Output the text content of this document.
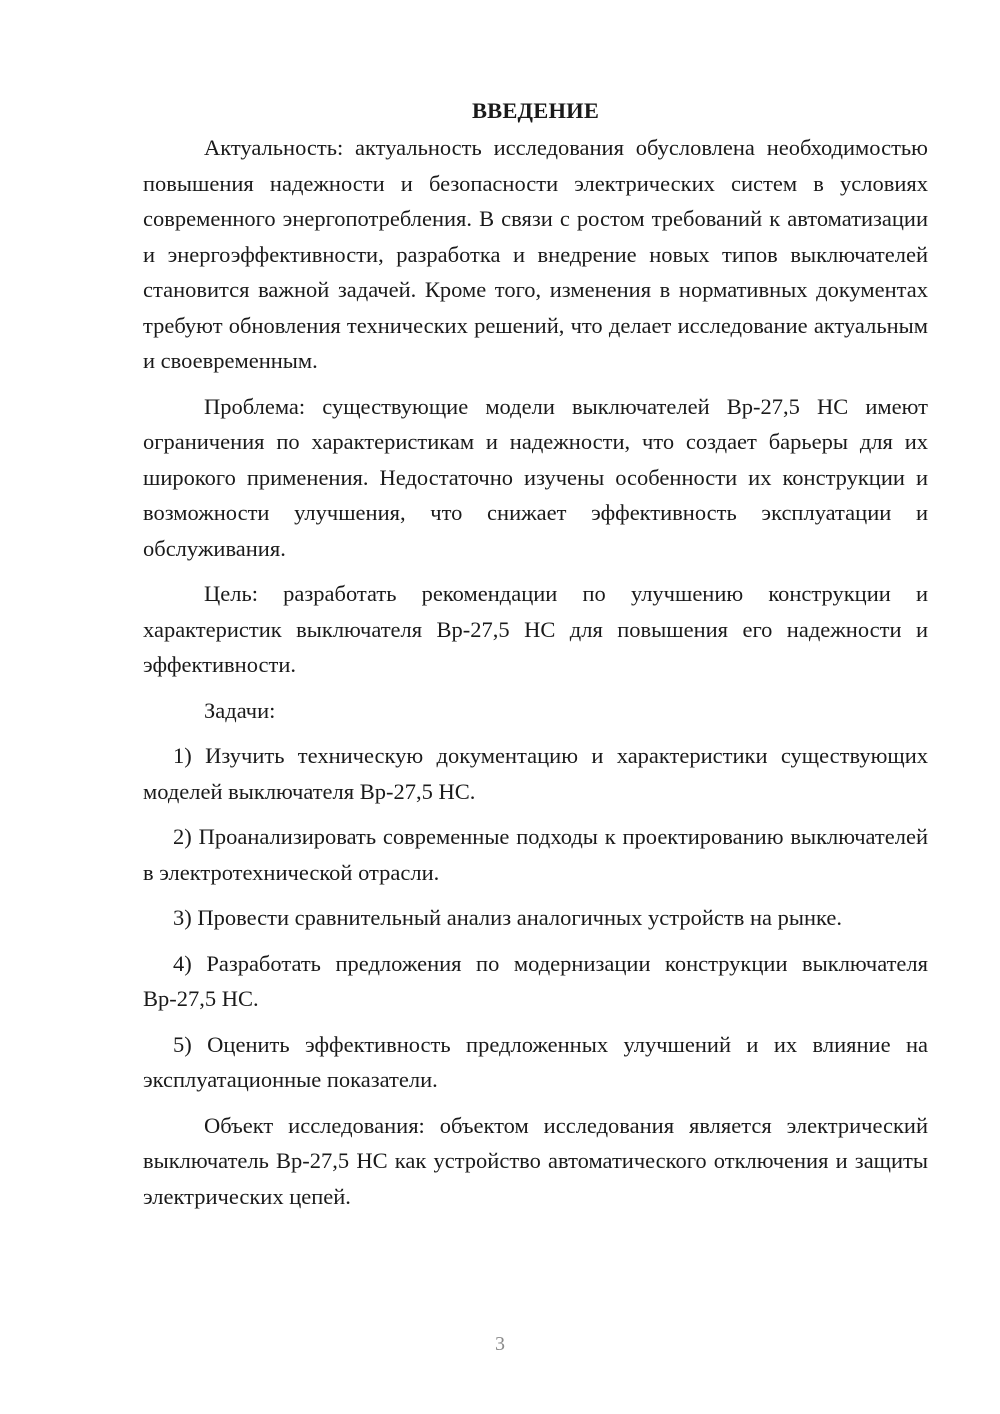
ВВЕДЕНИЕ

Актуальность: актуальность исследования обусловлена необходимостью повышения надежности и безопасности электрических систем в условиях современного энергопотребления. В связи с ростом требований к автоматизации и энергоэффективности, разработка и внедрение новых типов выключателей становится важной задачей. Кроме того, изменения в нормативных документах требуют обновления технических решений, что делает исследование актуальным и своевременным.

Проблема: существующие модели выключателей Вр-27,5 НС имеют ограничения по характеристикам и надежности, что создает барьеры для их широкого применения. Недостаточно изучены особенности их конструкции и возможности улучшения, что снижает эффективность эксплуатации и обслуживания.

Цель: разработать рекомендации по улучшению конструкции и характеристик выключателя Вр-27,5 НС для повышения его надежности и эффективности.

Задачи:

1) Изучить техническую документацию и характеристики существующих моделей выключателя Вр-27,5 НС.

2) Проанализировать современные подходы к проектированию выключателей в электротехнической отрасли.

3) Провести сравнительный анализ аналогичных устройств на рынке.

4) Разработать предложения по модернизации конструкции выключателя Вр-27,5 НС.

5) Оценить эффективность предложенных улучшений и их влияние на эксплуатационные показатели.

Объект исследования: объектом исследования является электрический выключатель Вр-27,5 НС как устройство автоматического отключения и защиты электрических цепей.

3
